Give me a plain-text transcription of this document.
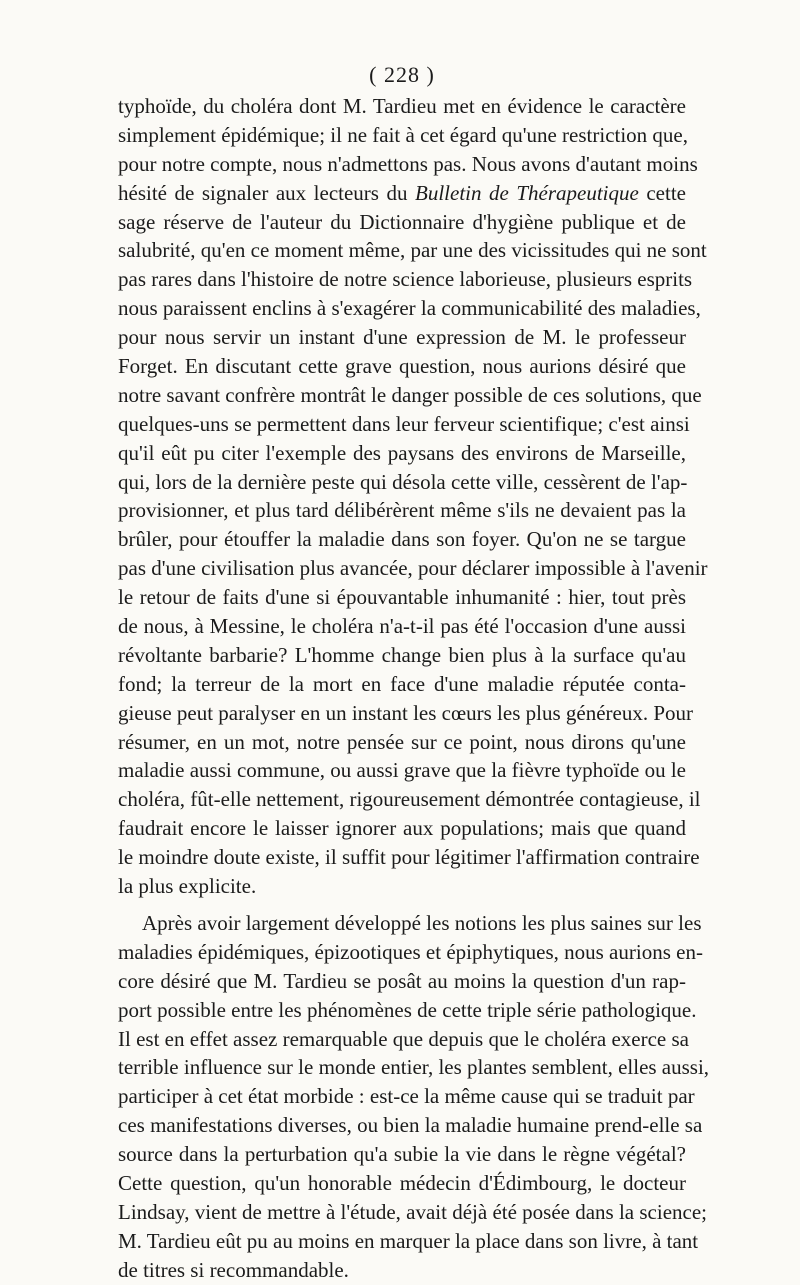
( 228 )
typhoïde, du choléra dont M. Tardieu met en évidence le caractère
simplement épidémique; il ne fait à cet égard qu'une restriction que,
pour notre compte, nous n'admettons pas. Nous avons d'autant moins
hésité de signaler aux lecteurs du Bulletin de Thérapeutique cette
sage réserve de l'auteur du Dictionnaire d'hygiène publique et de
salubrité, qu'en ce moment même, par une des vicissitudes qui ne sont
pas rares dans l'histoire de notre science laborieuse, plusieurs esprits
nous paraissent enclins à s'exagérer la communicabilité des maladies,
pour nous servir un instant d'une expression de M. le professeur
Forget. En discutant cette grave question, nous aurions désiré que
notre savant confrère montrât le danger possible de ces solutions, que
quelques-uns se permettent dans leur ferveur scientifique; c'est ainsi
qu'il eût pu citer l'exemple des paysans des environs de Marseille,
qui, lors de la dernière peste qui désola cette ville, cessèrent de l'ap-
provisionner, et plus tard délibérèrent même s'ils ne devaient pas la
brûler, pour étouffer la maladie dans son foyer. Qu'on ne se targue
pas d'une civilisation plus avancée, pour déclarer impossible à l'avenir
le retour de faits d'une si épouvantable inhumanité : hier, tout près
de nous, à Messine, le choléra n'a-t-il pas été l'occasion d'une aussi
révoltante barbarie? L'homme change bien plus à la surface qu'au
fond; la terreur de la mort en face d'une maladie réputée conta-
gieuse peut paralyser en un instant les cœurs les plus généreux. Pour
résumer, en un mot, notre pensée sur ce point, nous dirons qu'une
maladie aussi commune, ou aussi grave que la fièvre typhoïde ou le
choléra, fût-elle nettement, rigoureusement démontrée contagieuse, il
faudrait encore le laisser ignorer aux populations; mais que quand
le moindre doute existe, il suffit pour légitimer l'affirmation contraire
la plus explicite.
Après avoir largement développé les notions les plus saines sur les
maladies épidémiques, épizootiques et épiphytiques, nous aurions en-
core désiré que M. Tardieu se posât au moins la question d'un rap-
port possible entre les phénomènes de cette triple série pathologique.
Il est en effet assez remarquable que depuis que le choléra exerce sa
terrible influence sur le monde entier, les plantes semblent, elles aussi,
participer à cet état morbide : est-ce la même cause qui se traduit par
ces manifestations diverses, ou bien la maladie humaine prend-elle sa
source dans la perturbation qu'a subie la vie dans le règne végétal?
Cette question, qu'un honorable médecin d'Édimbourg, le docteur
Lindsay, vient de mettre à l'étude, avait déjà été posée dans la science;
M. Tardieu eût pu au moins en marquer la place dans son livre, à tant
de titres si recommandable.
